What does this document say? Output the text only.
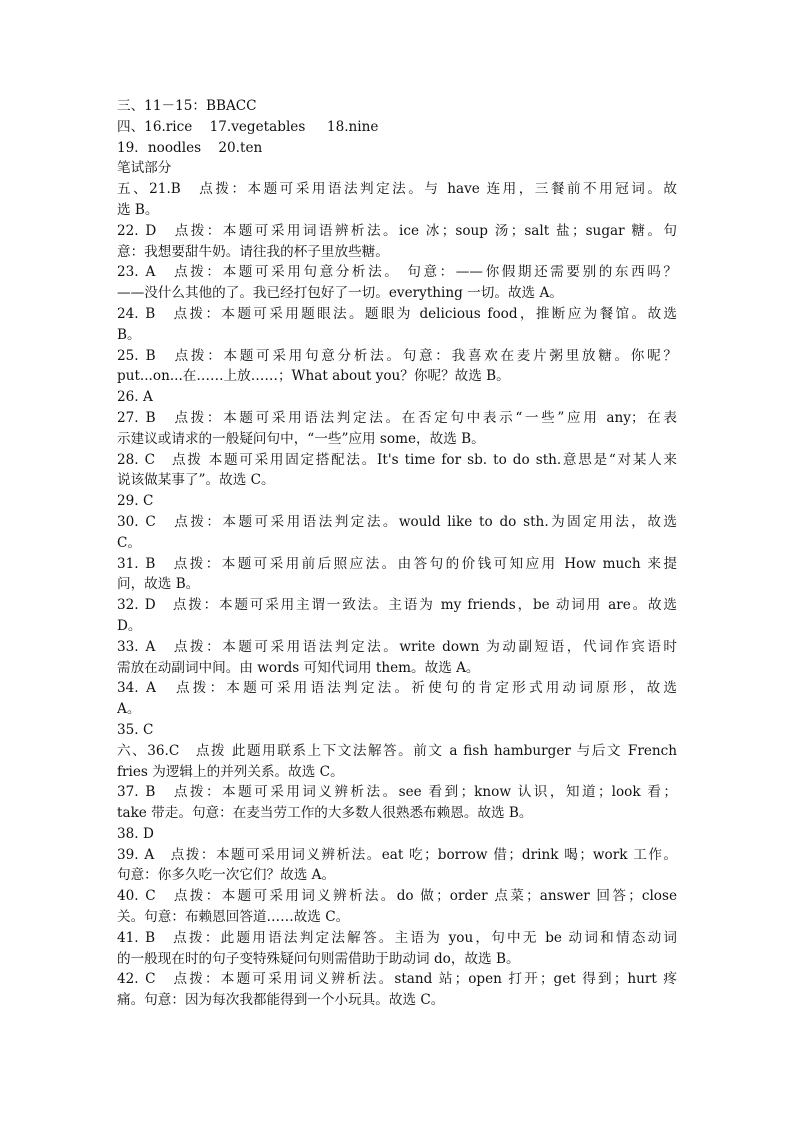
三、11－15：BBACC
四、16.rice    17.vegetables     18.nine
19．noodles    20.ten
笔试部分
五、21.B　点拨：本题可采用语法判定法。与 have 连用，三餐前不用冠词。故
选 B。
22. D　点拨：本题可采用词语辨析法。ice 冰；soup 汤；salt 盐；sugar 糖。句
意：我想要甜牛奶。请往我的杯子里放些糖。
23. A　点拨：本题可采用句意分析法。 句意：——你假期还需要别的东西吗？
——没什么其他的了。我已经打包好了一切。everything 一切。故选 A。
24. B　点拨：本题可采用题眼法。题眼为 delicious food，推断应为餐馆。故选
B。
25. B　点拨：本题可采用句意分析法。句意：我喜欢在麦片粥里放糖。你呢？
put...on...在……上放……；What about you？你呢？故选 B。
26. A
27. B　点拨：本题可采用语法判定法。在否定句中表示“一些”应用 any；在表
示建议或请求的一般疑问句中，“一些”应用 some，故选 B。
28. C　点拨 本题可采用固定搭配法。It's time for sb. to do sth.意思是“对某人来
说该做某事了”。故选 C。
29. C
30. C　点拨：本题可采用语法判定法。would like to do sth.为固定用法，故选
C。
31. B　点拨：本题可采用前后照应法。由答句的价钱可知应用 How much 来提
问，故选 B。
32. D　点拨：本题可采用主谓一致法。主语为 my friends，be 动词用 are。故选
D。
33. A　点拨：本题可采用语法判定法。write down 为动副短语，代词作宾语时
需放在动副词中间。由 words 可知代词用 them。故选 A。
34. A　点拨：本题可采用语法判定法。祈使句的肯定形式用动词原形，故选
A。
35. C
六、36.C　点拨 此题用联系上下文法解答。前文 a fish hamburger 与后文 French
fries 为逻辑上的并列关系。故选 C。
37. B　点拨：本题可采用词义辨析法。see 看到；know 认识，知道；look 看；
take 带走。句意：在麦当劳工作的大多数人很熟悉布赖恩。故选 B。
38. D
39. A　点拨：本题可采用词义辨析法。eat 吃；borrow 借；drink 喝；work 工作。
句意：你多久吃一次它们？故选 A。
40. C　点拨：本题可采用词义辨析法。do 做；order 点菜；answer 回答；close
关。句意：布赖恩回答道……故选 C。
41. B　点拨：此题用语法判定法解答。主语为 you，句中无 be 动词和情态动词
的一般现在时的句子变特殊疑问句则需借助于助动词 do，故选 B。
42. C　点拨：本题可采用词义辨析法。stand 站；open 打开；get 得到；hurt 疼
痛。句意：因为每次我都能得到一个小玩具。故选 C。
